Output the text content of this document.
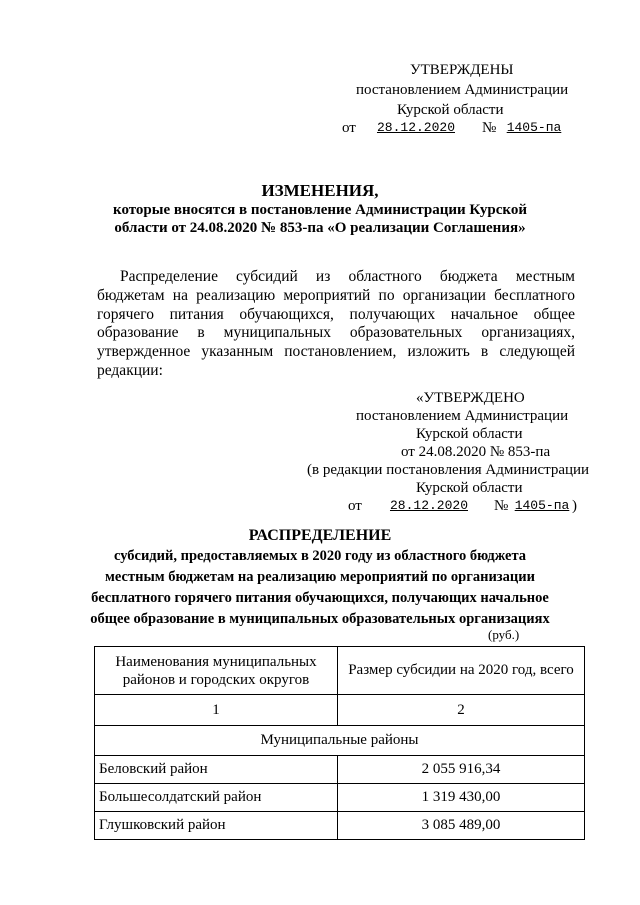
УТВЕРЖДЕНЫ
постановлением Администрации
Курской области
от	28.12.2020	№ 1405-па
ИЗМЕНЕНИЯ,
которые вносятся в постановление Администрации Курской
области от 24.08.2020 № 853-па «О реализации Соглашения»
Распределение субсидий из областного бюджета местным бюджетам на реализацию мероприятий по организации бесплатного горячего питания обучающихся, получающих начальное общее образование в муниципальных образовательных организациях, утвержденное указанным постановлением, изложить в следующей редакции:
«УТВЕРЖДЕНО
постановлением Администрации
Курской области
от 24.08.2020 № 853-па
(в редакции постановления Администрации
Курской области
от	28.12.2020	№ 1405-па )
РАСПРЕДЕЛЕНИЕ
субсидий, предоставляемых в 2020 году из областного бюджета
местным бюджетам на реализацию мероприятий по организации
бесплатного горячего питания обучающихся, получающих начальное
общее образование в муниципальных образовательных организациях
(руб.)
Наименования муниципальных
районов и городских округов	Размер субсидии на 2020 год, всего
1	2
Муниципальные районы	
Беловский район	2 055 916,34
Большесолдатский район	1 319 430,00
Глушковский район	3 085 489,00
